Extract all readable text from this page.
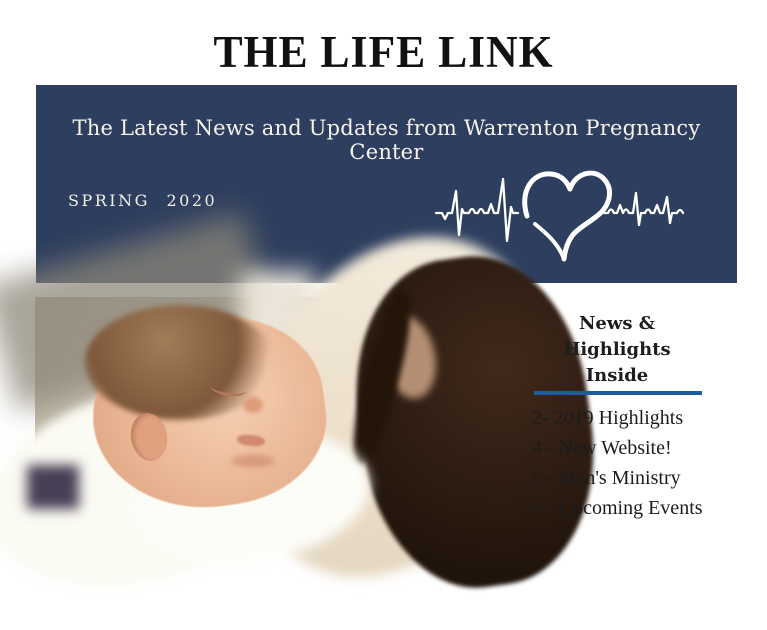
THE LIFE LINK
The Latest News and Updates from Warrenton Pregnancy Center
SPRING 2020
News &
Highlights
Inside
2- 2019 Highlights
4 - New Website!
5 - Men's Ministry
6 - Upcoming Events
